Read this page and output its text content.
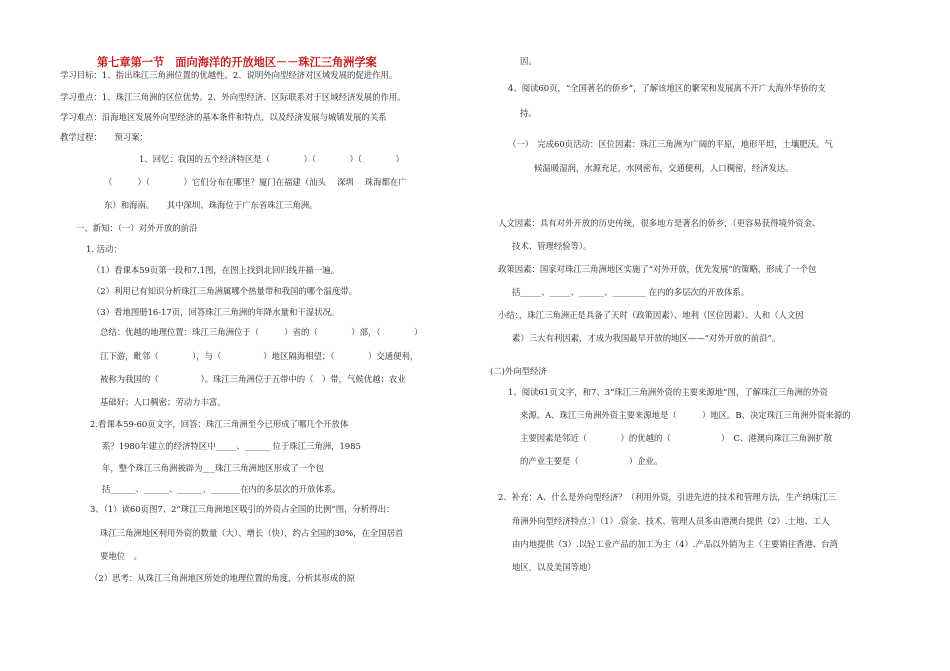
第七章第一节　面向海洋的开放地区－－珠江三角洲学案
学习目标：1、指出珠江三角洲位置的优越性。2、说明外向型经济对区域发展的促进作用。
学习重点：1、珠江三角洲的区位优势。2、外向型经济、区际联系对于区域经济发展的作用。
学习难点：沿海地区发展外向型经济的基本条件和特点，以及经济发展与城镇发展的关系
教学过程：　　预习案：
1、回忆：我国的五个经济特区是（　　　　）（　　　　）（　　　　）
（　　　）（　　　　）它们分布在哪里？厦门在福建（汕头　 深圳　 珠海都在广
东）和海南。　　其中深圳、珠海位于广东省珠江三角洲。
一、新知：（一）对外开放的前沿
1. 活动：
（1）看课本59页第一段和7.1图，在图上找到北回归线并描一遍。
（2）利用已有知识分析珠江三角洲属哪个热量带和我国的哪个温度带。
（3）看地图册16-17页，回答珠江三角洲的年降水量和干湿状况。
总结：优越的地理位置：珠江三角洲位于（　　　）省的（　　　　）部，（　　　　）
江下游，毗邻（　　　　），与（　　　　　）地区隔海相望；（　　　　）交通便利，
被称为我国的（　　　　　）。珠江三角洲位于五带中的（　）带，气候优越；农业
基础好；人口稠密；劳动力丰富。
2.看课本59-60页文字，回答：珠江三角洲至今已形成了哪几个开放体
系？1980年建立的经济特区中_____、______ 位于珠江三角洲，1985
年，整个珠江三角洲被辟为___珠江三角洲地区形成了一个包
括______、______、______、_______在内的多层次的开放体系。
3、（1）读60页图7、2“珠江三角洲地区吸引的外资占全国的比例”图，分析得出：
珠江三角洲地区利用外资的数量（大）、增长（快），约占全国的30%，在全国居首
要地位　。
（2）思考：从珠江三角洲地区所处的地理位置的角度，分析其形成的原
因。
4、阅读60页，“全国著名的侨乡”，了解该地区的繁荣和发展离不开广大海外华侨的支
持。
（一）　完成60页活动：区位因素：珠江三角洲为广阔的平原，地形平坦，土壤肥沃。气
候温暖湿润，水源充足，水网密布，交通便利，人口稠密，经济发达。
人文因素：具有对外开放的历史传统，很多地方是著名的侨乡，（更容易获得境外资金、
技术、管理经验等）。
政策因素：国家对珠江三角洲地区实施了“对外开放，优先发展”的策略，形成了一个包
括_____、_____、______、________ 在内的多层次的开放体系。
小结：，珠江三角洲正是具备了天时（政策因素）、地利（区位因素）、人和（人文因
素）三大有利因素，才成为我国最早开放的地区——“对外开放的前沿”。
(二)外向型经济
1、阅读61页文字，和7、3“珠江三角洲外资的主要来源地”图，了解珠江三角洲的外资
来源。A、珠江三角洲外资主要来源地是（　　　）地区。B、决定珠江三角洲外资来源的
主要因素是邻近（　　　　）的优越的（　　　　　　）　C、港澳向珠江三角洲扩散
的产业主要是（　　　　　　）企业。
2、补充：A、什么是外向型经济？（利用外资，引进先进的技术和管理方法，生产纳珠江三
角洲外向型经济特点：）（1）.资金、技术、管理人员多由港澳台提供（2）.土地、工人
由内地提供（3）.以轻工业产品的加工为主（4）.产品以外销为主（主要销往香港、台湾
地区，以及美国等地）
